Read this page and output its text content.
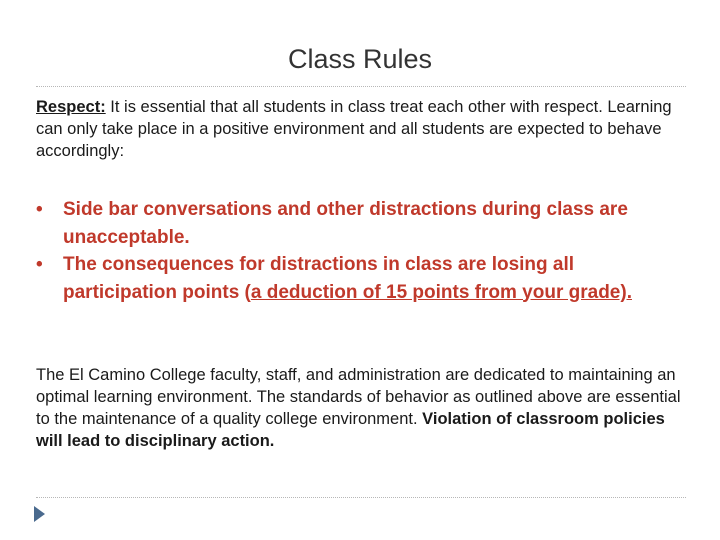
Class Rules
Respect: It is essential that all students in class treat each other with respect. Learning can only take place in a positive environment and all students are expected to behave accordingly:
• Side bar conversations and other distractions during class are unacceptable.
• The consequences for distractions in class are losing all participation points (a deduction of 15 points from your grade).
The El Camino College faculty, staff, and administration are dedicated to maintaining an optimal learning environment. The standards of behavior as outlined above are essential to the maintenance of a quality college environment. Violation of classroom policies will lead to disciplinary action.
